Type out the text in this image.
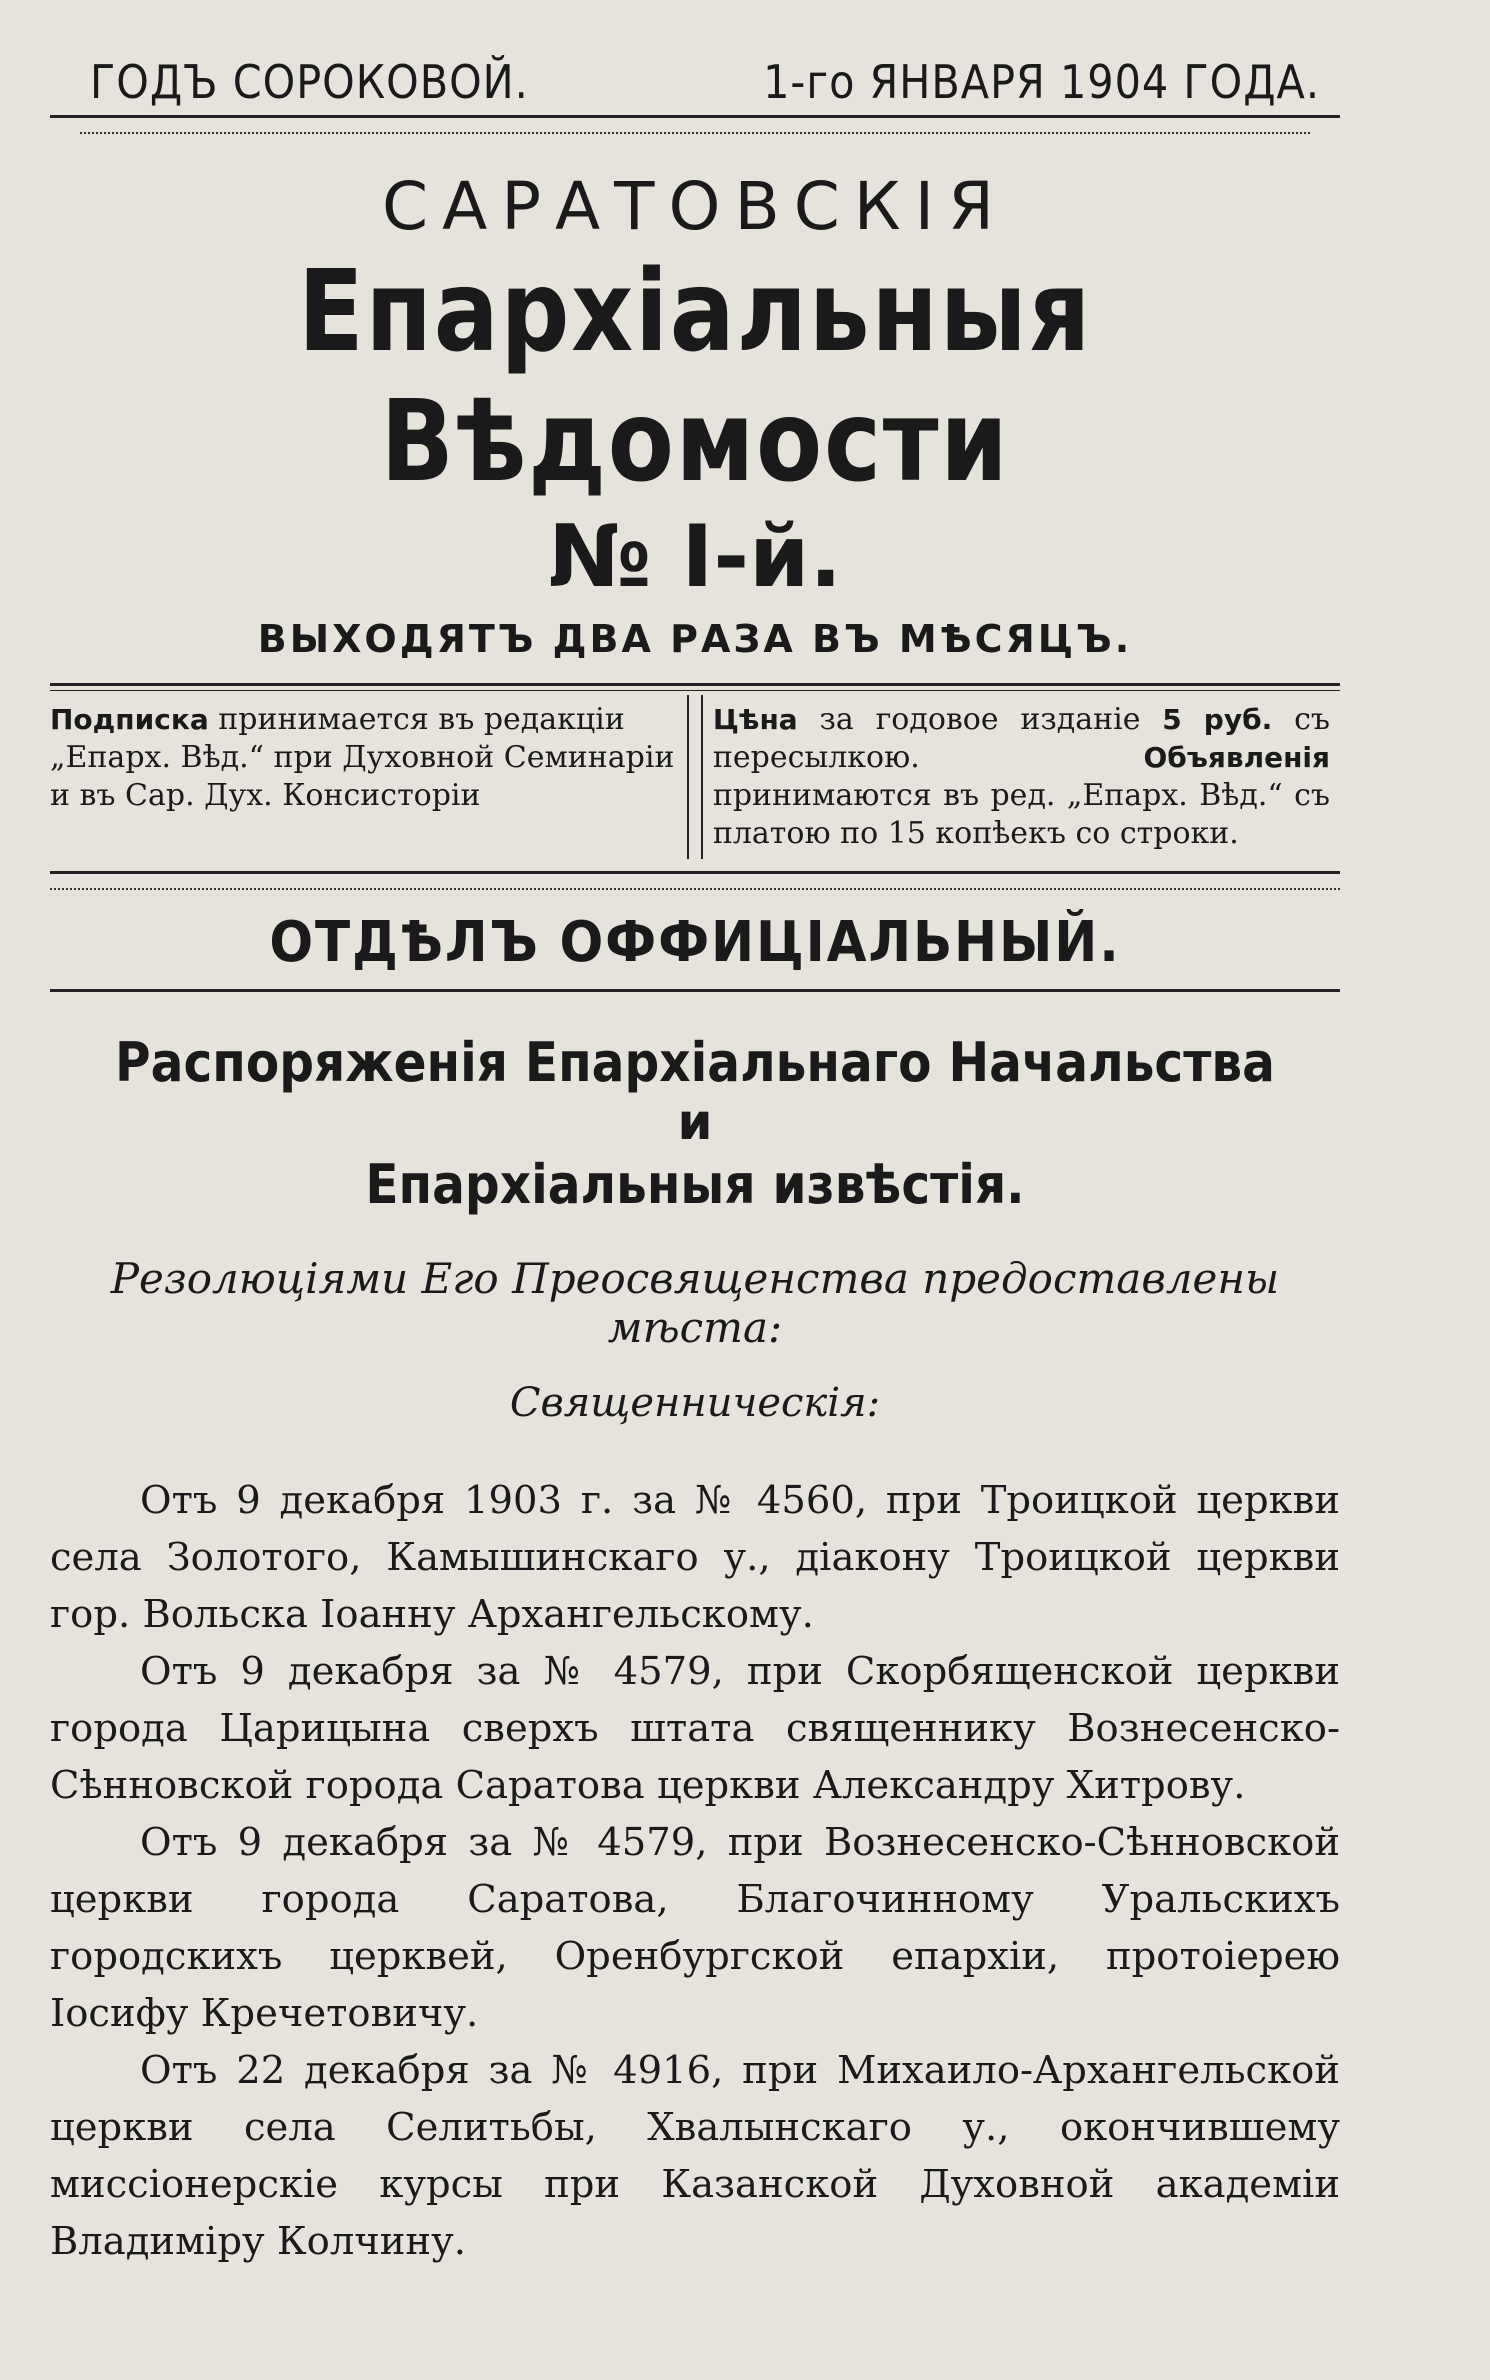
ГОДЪ СОРОКОВОЙ.	1-го ЯНВАРЯ 1904 ГОДА.
САРАТОВСКІЯ
Епархіальныя Вѣдомости
№ I-й.
ВЫХОДЯТЪ ДВА РАЗА ВЪ МѢСЯЦЪ.
Подписка принимается въ редакціи „Епарх. Вѣд.“ при Духовной Семинаріи и въ Сар. Дух. Консисторіи
Цѣна за годовое изданіе 5 руб. съ пересылкою. Объявленія принимаются въ ред. „Епарх. Вѣд.“ съ платою по 15 копѣекъ со строки.
ОТДѢЛЪ ОФФИЦІАЛЬНЫЙ.
Распоряженія Епархіальнаго Начальства
и
Епархіальныя извѣстія.
Резолюціями Его Преосвященства предоставлены мѣста:
Священническія:

Отъ 9 декабря 1903 г. за № 4560, при Троицкой церкви села Золотого, Камышинскаго у., діакону Троицкой церкви гор. Вольска Іоанну Архангельскому.

Отъ 9 декабря за № 4579, при Скорбященской церкви города Царицына сверхъ штата священнику Вознесенско-Сѣнновской города Саратова церкви Александру Хитрову.

Отъ 9 декабря за № 4579, при Вознесенско-Сѣнновской церкви города Саратова, Благочинному Уральскихъ городскихъ церквей, Оренбургской епархіи, протоіерею Іосифу Кречетовичу.

Отъ 22 декабря за № 4916, при Михаило-Архангельской церкви села Селитьбы, Хвалынскаго у., окончившему миссіонерскіе курсы при Казанской Духовной академіи Владиміру Колчину.
